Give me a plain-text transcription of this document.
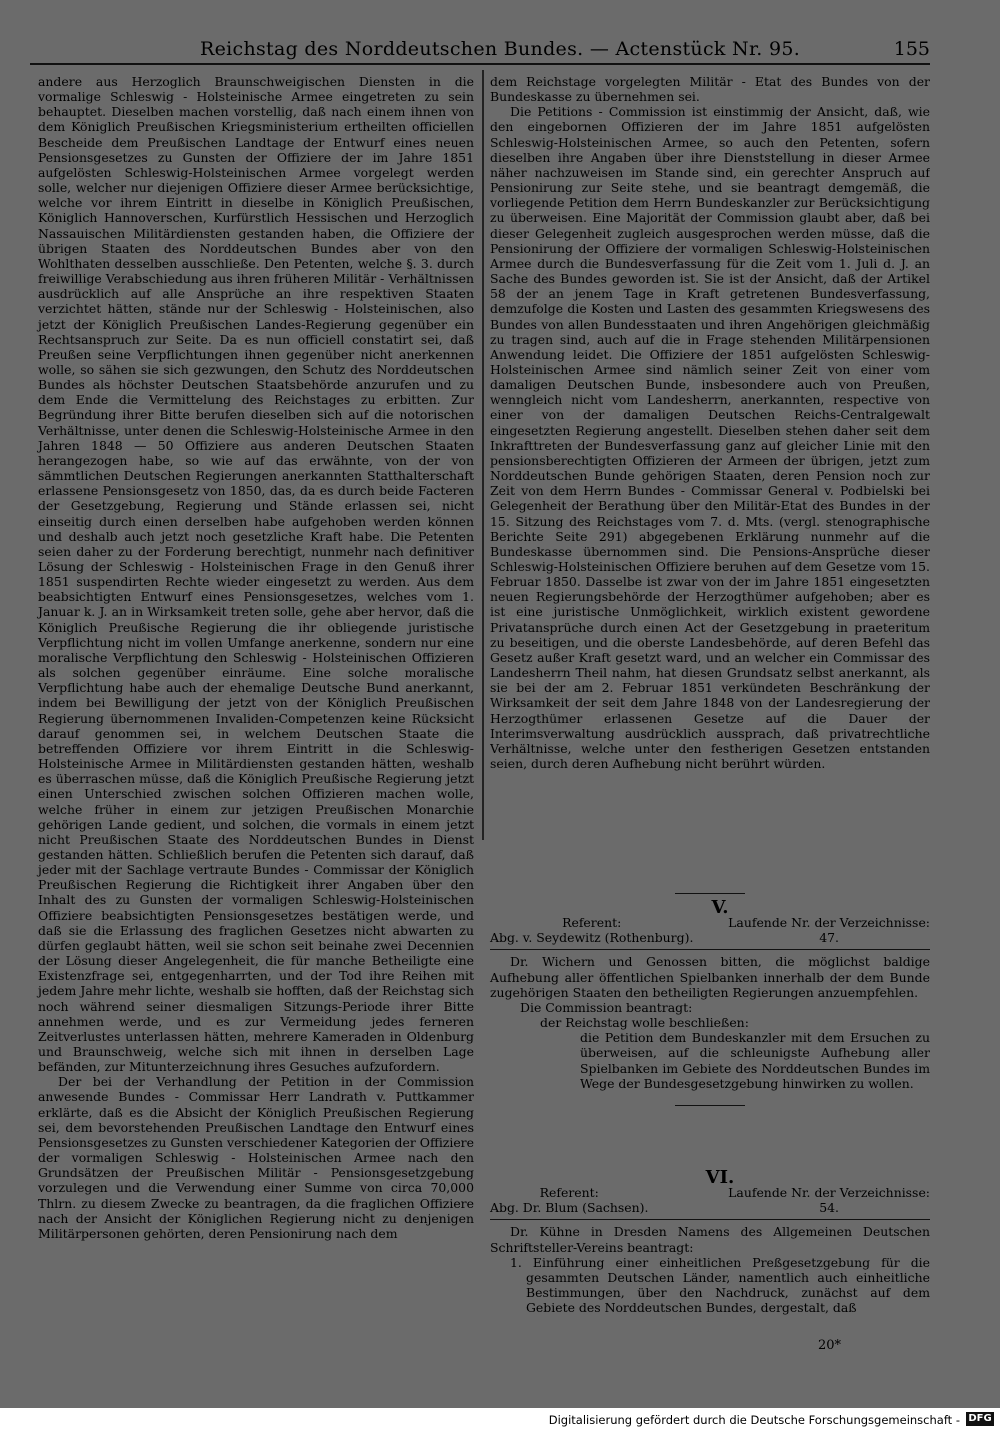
Reichstag des Norddeutschen Bundes. — Actenstück Nr. 95.	155

andere aus Herzoglich Braunschweigischen Diensten in die vormalige Schleswig - Holsteinische Armee eingetreten zu sein behauptet. Dieselben machen vorstellig, daß nach einem ihnen von dem Königlich Preußischen Kriegsministerium ertheilten officiellen Bescheide dem Preußischen Landtage der Entwurf eines neuen Pensionsgesetzes zu Gunsten der Offiziere der im Jahre 1851 aufgelösten Schleswig-Holsteinischen Armee vorgelegt werden solle, welcher nur diejenigen Offiziere dieser Armee berücksichtige, welche vor ihrem Eintritt in dieselbe in Königlich Preußischen, Königlich Hannoverschen, Kurfürstlich Hessischen und Herzoglich Nassauischen Militärdiensten gestanden haben, die Offiziere der übrigen Staaten des Norddeutschen Bundes aber von den Wohlthaten desselben ausschließe. Den Petenten, welche §. 3. durch freiwillige Verabschiedung aus ihren früheren Militär - Verhältnissen ausdrücklich auf alle Ansprüche an ihre respektiven Staaten verzichtet hätten, stände nur der Schleswig - Holsteinischen, also jetzt der Königlich Preußischen Landes-Regierung gegenüber ein Rechtsanspruch zur Seite. Da es nun officiell constatirt sei, daß Preußen seine Verpflichtungen ihnen gegenüber nicht anerkennen wolle, so sähen sie sich gezwungen, den Schutz des Norddeutschen Bundes als höchster Deutschen Staatsbehörde anzurufen und zu dem Ende die Vermittelung des Reichstages zu erbitten. Zur Begründung ihrer Bitte berufen dieselben sich auf die notorischen Verhältnisse, unter denen die Schleswig-Holsteinische Armee in den Jahren 1848 — 50 Offiziere aus anderen Deutschen Staaten herangezogen habe, so wie auf das erwähnte, von der von sämmtlichen Deutschen Regierungen anerkannten Statthalterschaft erlassene Pensionsgesetz von 1850, das, da es durch beide Facteren der Gesetzgebung, Regierung und Stände erlassen sei, nicht einseitig durch einen derselben habe aufgehoben werden können und deshalb auch jetzt noch gesetzliche Kraft habe. Die Petenten seien daher zu der Forderung berechtigt, nunmehr nach definitiver Lösung der Schleswig - Holsteinischen Frage in den Genuß ihrer 1851 suspendirten Rechte wieder eingesetzt zu werden. Aus dem beabsichtigten Entwurf eines Pensionsgesetzes, welches vom 1. Januar k. J. an in Wirksamkeit treten solle, gehe aber hervor, daß die Königlich Preußische Regierung die ihr obliegende juristische Verpflichtung nicht im vollen Umfange anerkenne, sondern nur eine moralische Verpflichtung den Schleswig - Holsteinischen Offizieren als solchen gegenüber einräume. Eine solche moralische Verpflichtung habe auch der ehemalige Deutsche Bund anerkannt, indem bei Bewilligung der jetzt von der Königlich Preußischen Regierung übernommenen Invaliden-Competenzen keine Rücksicht darauf genommen sei, in welchem Deutschen Staate die betreffenden Offiziere vor ihrem Eintritt in die Schleswig-Holsteinische Armee in Militärdiensten gestanden hätten, weshalb es überraschen müsse, daß die Königlich Preußische Regierung jetzt einen Unterschied zwischen solchen Offizieren machen wolle, welche früher in einem zur jetzigen Preußischen Monarchie gehörigen Lande gedient, und solchen, die vormals in einem jetzt nicht Preußischen Staate des Norddeutschen Bundes in Dienst gestanden hätten. Schließlich berufen die Petenten sich darauf, daß jeder mit der Sachlage vertraute Bundes - Commissar der Königlich Preußischen Regierung die Richtigkeit ihrer Angaben über den Inhalt des zu Gunsten der vormaligen Schleswig-Holsteinischen Offiziere beabsichtigten Pensionsgesetzes bestätigen werde, und daß sie die Erlassung des fraglichen Gesetzes nicht abwarten zu dürfen geglaubt hätten, weil sie schon seit beinahe zwei Decennien der Lösung dieser Angelegenheit, die für manche Betheiligte eine Existenzfrage sei, entgegenharrten, und der Tod ihre Reihen mit jedem Jahre mehr lichte, weshalb sie hofften, daß der Reichstag sich noch während seiner diesmaligen Sitzungs-Periode ihrer Bitte annehmen werde, und es zur Vermeidung jedes ferneren Zeitverlustes unterlassen hätten, mehrere Kameraden in Oldenburg und Braunschweig, welche sich mit ihnen in derselben Lage befänden, zur Mitunterzeichnung ihres Gesuches aufzufordern.

Der bei der Verhandlung der Petition in der Commission anwesende Bundes - Commissar Herr Landrath v. Puttkammer erklärte, daß es die Absicht der Königlich Preußischen Regierung sei, dem bevorstehenden Preußischen Landtage den Entwurf eines Pensionsgesetzes zu Gunsten verschiedener Kategorien der Offiziere der vormaligen Schleswig - Holsteinischen Armee nach den Grundsätzen der Preußischen Militär - Pensionsgesetzgebung vorzulegen und die Verwendung einer Summe von circa 70,000 Thlrn. zu diesem Zwecke zu beantragen, da die fraglichen Offiziere nach der Ansicht der Königlichen Regierung nicht zu denjenigen Militärpersonen gehörten, deren Pensionirung nach dem

dem Reichstage vorgelegten Militär - Etat des Bundes von der Bundeskasse zu übernehmen sei.

Die Petitions - Commission ist einstimmig der Ansicht, daß, wie den eingebornen Offizieren der im Jahre 1851 aufgelösten Schleswig-Holsteinischen Armee, so auch den Petenten, sofern dieselben ihre Angaben über ihre Dienststellung in dieser Armee näher nachzuweisen im Stande sind, ein gerechter Anspruch auf Pensionirung zur Seite stehe, und sie beantragt demgemäß, die vorliegende Petition dem Herrn Bundeskanzler zur Berücksichtigung zu überweisen. Eine Majorität der Commission glaubt aber, daß bei dieser Gelegenheit zugleich ausgesprochen werden müsse, daß die Pensionirung der Offiziere der vormaligen Schleswig-Holsteinischen Armee durch die Bundesverfassung für die Zeit vom 1. Juli d. J. an Sache des Bundes geworden ist. Sie ist der Ansicht, daß der Artikel 58 der an jenem Tage in Kraft getretenen Bundesverfassung, demzufolge die Kosten und Lasten des gesammten Kriegswesens des Bundes von allen Bundesstaaten und ihren Angehörigen gleichmäßig zu tragen sind, auch auf die in Frage stehenden Militärpensionen Anwendung leidet. Die Offiziere der 1851 aufgelösten Schleswig-Holsteinischen Armee sind nämlich seiner Zeit von einer vom damaligen Deutschen Bunde, insbesondere auch von Preußen, wenngleich nicht vom Landesherrn, anerkannten, respective von einer von der damaligen Deutschen Reichs-Centralgewalt eingesetzten Regierung angestellt. Dieselben stehen daher seit dem Inkrafttreten der Bundesverfassung ganz auf gleicher Linie mit den pensionsberechtigten Offizieren der Armeen der übrigen, jetzt zum Norddeutschen Bunde gehörigen Staaten, deren Pension noch zur Zeit von dem Herrn Bundes - Commissar General v. Podbielski bei Gelegenheit der Berathung über den Militär-Etat des Bundes in der 15. Sitzung des Reichstages vom 7. d. Mts. (vergl. stenographische Berichte Seite 291) abgegebenen Erklärung nunmehr auf die Bundeskasse übernommen sind. Die Pensions-Ansprüche dieser Schleswig-Holsteinischen Offiziere beruhen auf dem Gesetze vom 15. Februar 1850. Dasselbe ist zwar von der im Jahre 1851 eingesetzten neuen Regierungsbehörde der Herzogthümer aufgehoben; aber es ist eine juristische Unmöglichkeit, wirklich existent gewordene Privatansprüche durch einen Act der Gesetzgebung in praeteritum zu beseitigen, und die oberste Landesbehörde, auf deren Befehl das Gesetz außer Kraft gesetzt ward, und an welcher ein Commissar des Landesherrn Theil nahm, hat diesen Grundsatz selbst anerkannt, als sie bei der am 2. Februar 1851 verkündeten Beschränkung der Wirksamkeit der seit dem Jahre 1848 von der Landesregierung der Herzogthümer erlassenen Gesetze auf die Dauer der Interimsverwaltung ausdrücklich aussprach, daß privatrechtliche Verhältnisse, welche unter den festherigen Gesetzen entstanden seien, durch deren Aufhebung nicht berührt würden.

V.

Referent:
Abg. v. Seydewitz (Rothenburg).
Laufende Nr. der Verzeichnisse:
47.

Dr. Wichern und Genossen bitten, die möglichst baldige Aufhebung aller öffentlichen Spielbanken innerhalb der dem Bunde zugehörigen Staaten den betheiligten Regierungen anzuempfehlen.

Die Commission beantragt:

der Reichstag wolle beschließen:

die Petition dem Bundeskanzler mit dem Ersuchen zu überweisen, auf die schleunigste Aufhebung aller Spielbanken im Gebiete des Norddeutschen Bundes im Wege der Bundesgesetzgebung hinwirken zu wollen.

VI.

Referent:
Abg. Dr. Blum (Sachsen).
Laufende Nr. der Verzeichnisse:
54.

Dr. Kühne in Dresden Namens des Allgemeinen Deutschen Schriftsteller-Vereins beantragt:

1. Einführung einer einheitlichen Preßgesetzgebung für die gesammten Deutschen Länder, namentlich auch einheitliche Bestimmungen, über den Nachdruck, zunächst auf dem Gebiete des Norddeutschen Bundes, dergestalt, daß

20*
Digitalisierung gefördert durch die Deutsche Forschungsgemeinschaft - DFG
